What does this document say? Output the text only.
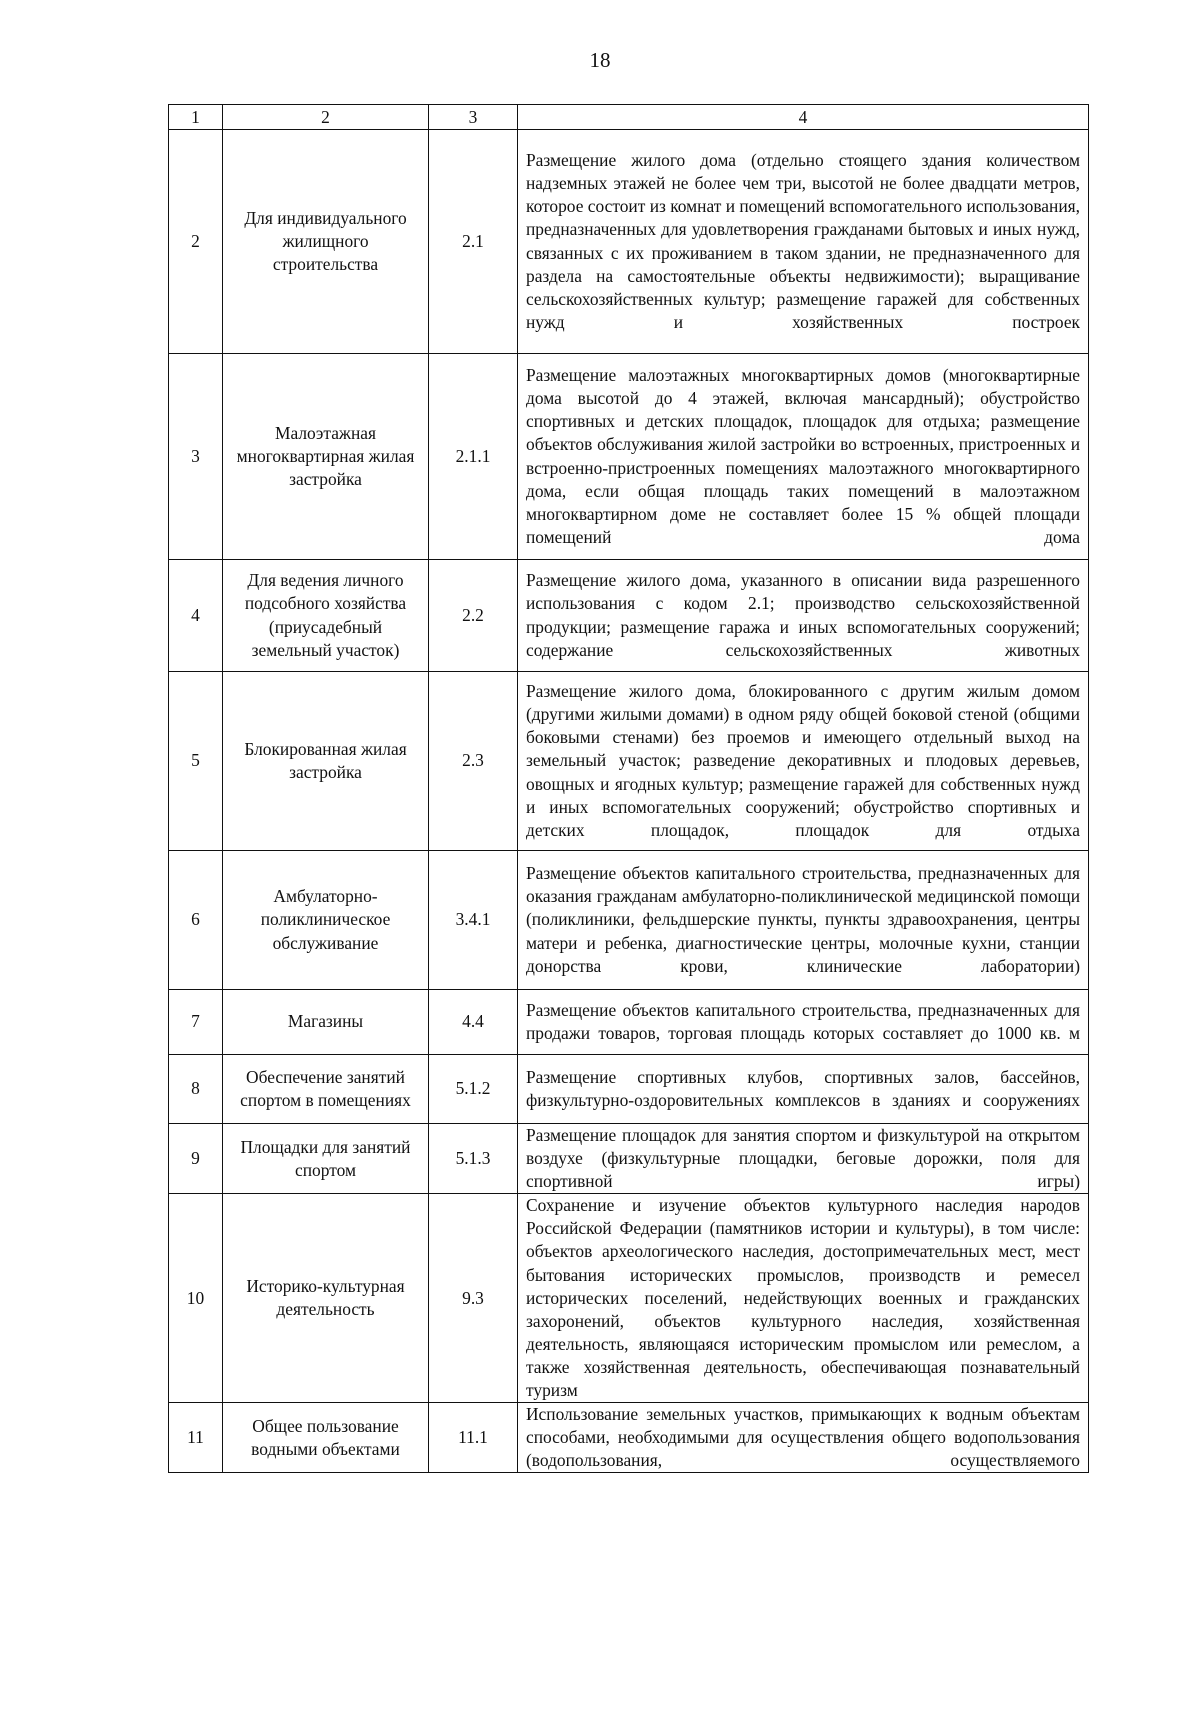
18
1	2	3	4
2	Для индивидуального жилищного строительства	2.1	Размещение жилого дома (отдельно стоящего здания количеством надземных этажей не более чем три, высотой не более двадцати метров, которое состоит из комнат и помещений вспомогательного использования, предназначенных для удовлетворения гражданами бытовых и иных нужд, связанных с их проживанием в таком здании, не предназначенного для раздела на самостоятельные объекты недвижимости); выращивание сельскохозяйственных культур; размещение гаражей для собственных нужд и хозяйственных построек
3	Малоэтажная многоквартирная жилая застройка	2.1.1	Размещение малоэтажных многоквартирных домов (многоквартирные дома высотой до 4 этажей, включая мансардный); обустройство спортивных и детских площадок, площадок для отдыха; размещение объектов обслуживания жилой застройки во встроенных, пристроенных и встроенно-пристроенных помещениях малоэтажного многоквартирного дома, если общая площадь таких помещений в малоэтажном многоквартирном доме не составляет более 15 % общей площади помещений дома
4	Для ведения личного подсобного хозяйства (приусадебный земельный участок)	2.2	Размещение жилого дома, указанного в описании вида разрешенного использования с кодом 2.1; производство сельскохозяйственной продукции; размещение гаража и иных вспомогательных сооружений; содержание сельскохозяйственных животных
5	Блокированная жилая застройка	2.3	Размещение жилого дома, блокированного с другим жилым домом (другими жилыми домами) в одном ряду общей боковой стеной (общими боковыми стенами) без проемов и имеющего отдельный выход на земельный участок; разведение декоративных и плодовых деревьев, овощных и ягодных культур; размещение гаражей для собственных нужд и иных вспомогательных сооружений; обустройство спортивных и детских площадок, площадок для отдыха
6	Амбулаторно-поликлиническое обслуживание	3.4.1	Размещение объектов капитального строительства, предназначенных для оказания гражданам амбулаторно-поликлинической медицинской помощи (поликлиники, фельдшерские пункты, пункты здравоохранения, центры матери и ребенка, диагностические центры, молочные кухни, станции донорства крови, клинические лаборатории)
7	Магазины	4.4	Размещение объектов капитального строительства, предназначенных для продажи товаров, торговая площадь которых составляет до 1000 кв. м
8	Обеспечение занятий спортом в помещениях	5.1.2	Размещение спортивных клубов, спортивных залов, бассейнов, физкультурно-оздоровительных комплексов в зданиях и сооружениях
9	Площадки для занятий спортом	5.1.3	Размещение площадок для занятия спортом и физкультурой на открытом воздухе (физкультурные площадки, беговые дорожки, поля для спортивной игры)
10	Историко-культурная деятельность	9.3	Сохранение и изучение объектов культурного наследия народов Российской Федерации (памятников истории и культуры), в том числе: объектов археологического наследия, достопримечательных мест, мест бытования исторических промыслов, производств и ремесел исторических поселений, недействующих военных и гражданских захоронений, объектов культурного наследия, хозяйственная деятельность, являющаяся историческим промыслом или ремеслом, а также хозяйственная деятельность, обеспечивающая познавательный туризм
11	Общее пользование водными объектами	11.1	Использование земельных участков, примыкающих к водным объектам способами, необходимыми для осуществления общего водопользования (водопользования, осуществляемого
